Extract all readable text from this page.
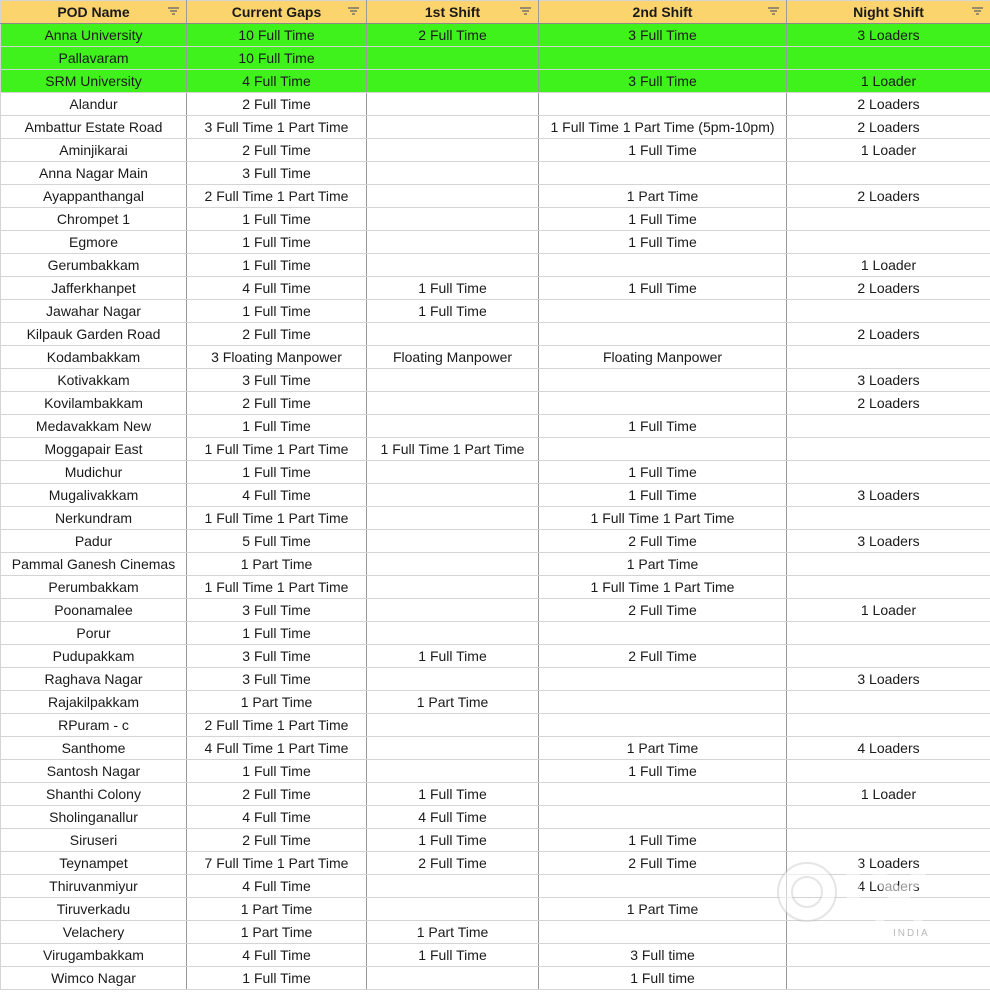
POD Name	Current Gaps	1st Shift	2nd Shift	Night Shift

Anna University	10 Full Time	2 Full Time	3 Full Time	3 Loaders
Pallavaram	10 Full Time			
SRM University	4 Full Time		3 Full Time	1 Loader
Alandur	2 Full Time			2 Loaders
Ambattur Estate Road	3 Full Time 1 Part Time		1 Full Time 1 Part Time (5pm-10pm)	2 Loaders
Aminjikarai	2 Full Time		1 Full Time	1 Loader
Anna Nagar Main	3 Full Time			
Ayappanthangal	2 Full Time 1 Part Time		1 Part Time	2 Loaders
Chrompet 1	1 Full Time		1 Full Time	
Egmore	1 Full Time		1 Full Time	
Gerumbakkam	1 Full Time			1 Loader
Jafferkhanpet	4 Full Time	1 Full Time	1 Full Time	2 Loaders
Jawahar Nagar	1 Full Time	1 Full Time		
Kilpauk Garden Road	2 Full Time			2 Loaders
Kodambakkam	3 Floating Manpower	Floating Manpower	Floating Manpower	
Kotivakkam	3 Full Time			3 Loaders
Kovilambakkam	2 Full Time			2 Loaders
Medavakkam New	1 Full Time		1 Full Time	
Moggapair East	1 Full Time 1 Part Time	1 Full Time 1 Part Time		
Mudichur	1 Full Time		1 Full Time	
Mugalivakkam	4 Full Time		1 Full Time	3 Loaders
Nerkundram	1 Full Time 1 Part Time		1 Full Time 1 Part Time	
Padur	5 Full Time		2 Full Time	3 Loaders
Pammal Ganesh Cinemas	1 Part Time		1 Part Time	
Perumbakkam	1 Full Time 1 Part Time		1 Full Time 1 Part Time	
Poonamalee	3 Full Time		2 Full Time	1 Loader
Porur	1 Full Time			
Pudupakkam	3 Full Time	1 Full Time	2 Full Time	
Raghava Nagar	3 Full Time			3 Loaders
Rajakilpakkam	1 Part Time	1 Part Time		
RPuram - c	2 Full Time 1 Part Time			
Santhome	4 Full Time 1 Part Time		1 Part Time	4 Loaders
Santosh Nagar	1 Full Time		1 Full Time	
Shanthi Colony	2 Full Time	1 Full Time		1 Loader
Sholinganallur	4 Full Time	4 Full Time		
Siruseri	2 Full Time	1 Full Time	1 Full Time	
Teynampet	7 Full Time 1 Part Time	2 Full Time	2 Full Time	3 Loaders
Thiruvanmiyur	4 Full Time			4 Loaders
Tiruverkadu	1 Part Time		1 Part Time	
Velachery	1 Part Time	1 Part Time		
Virugambakkam	4 Full Time	1 Full Time	3 Full time	
Wimco Nagar	1 Full Time		1 Full time	
INDIA
